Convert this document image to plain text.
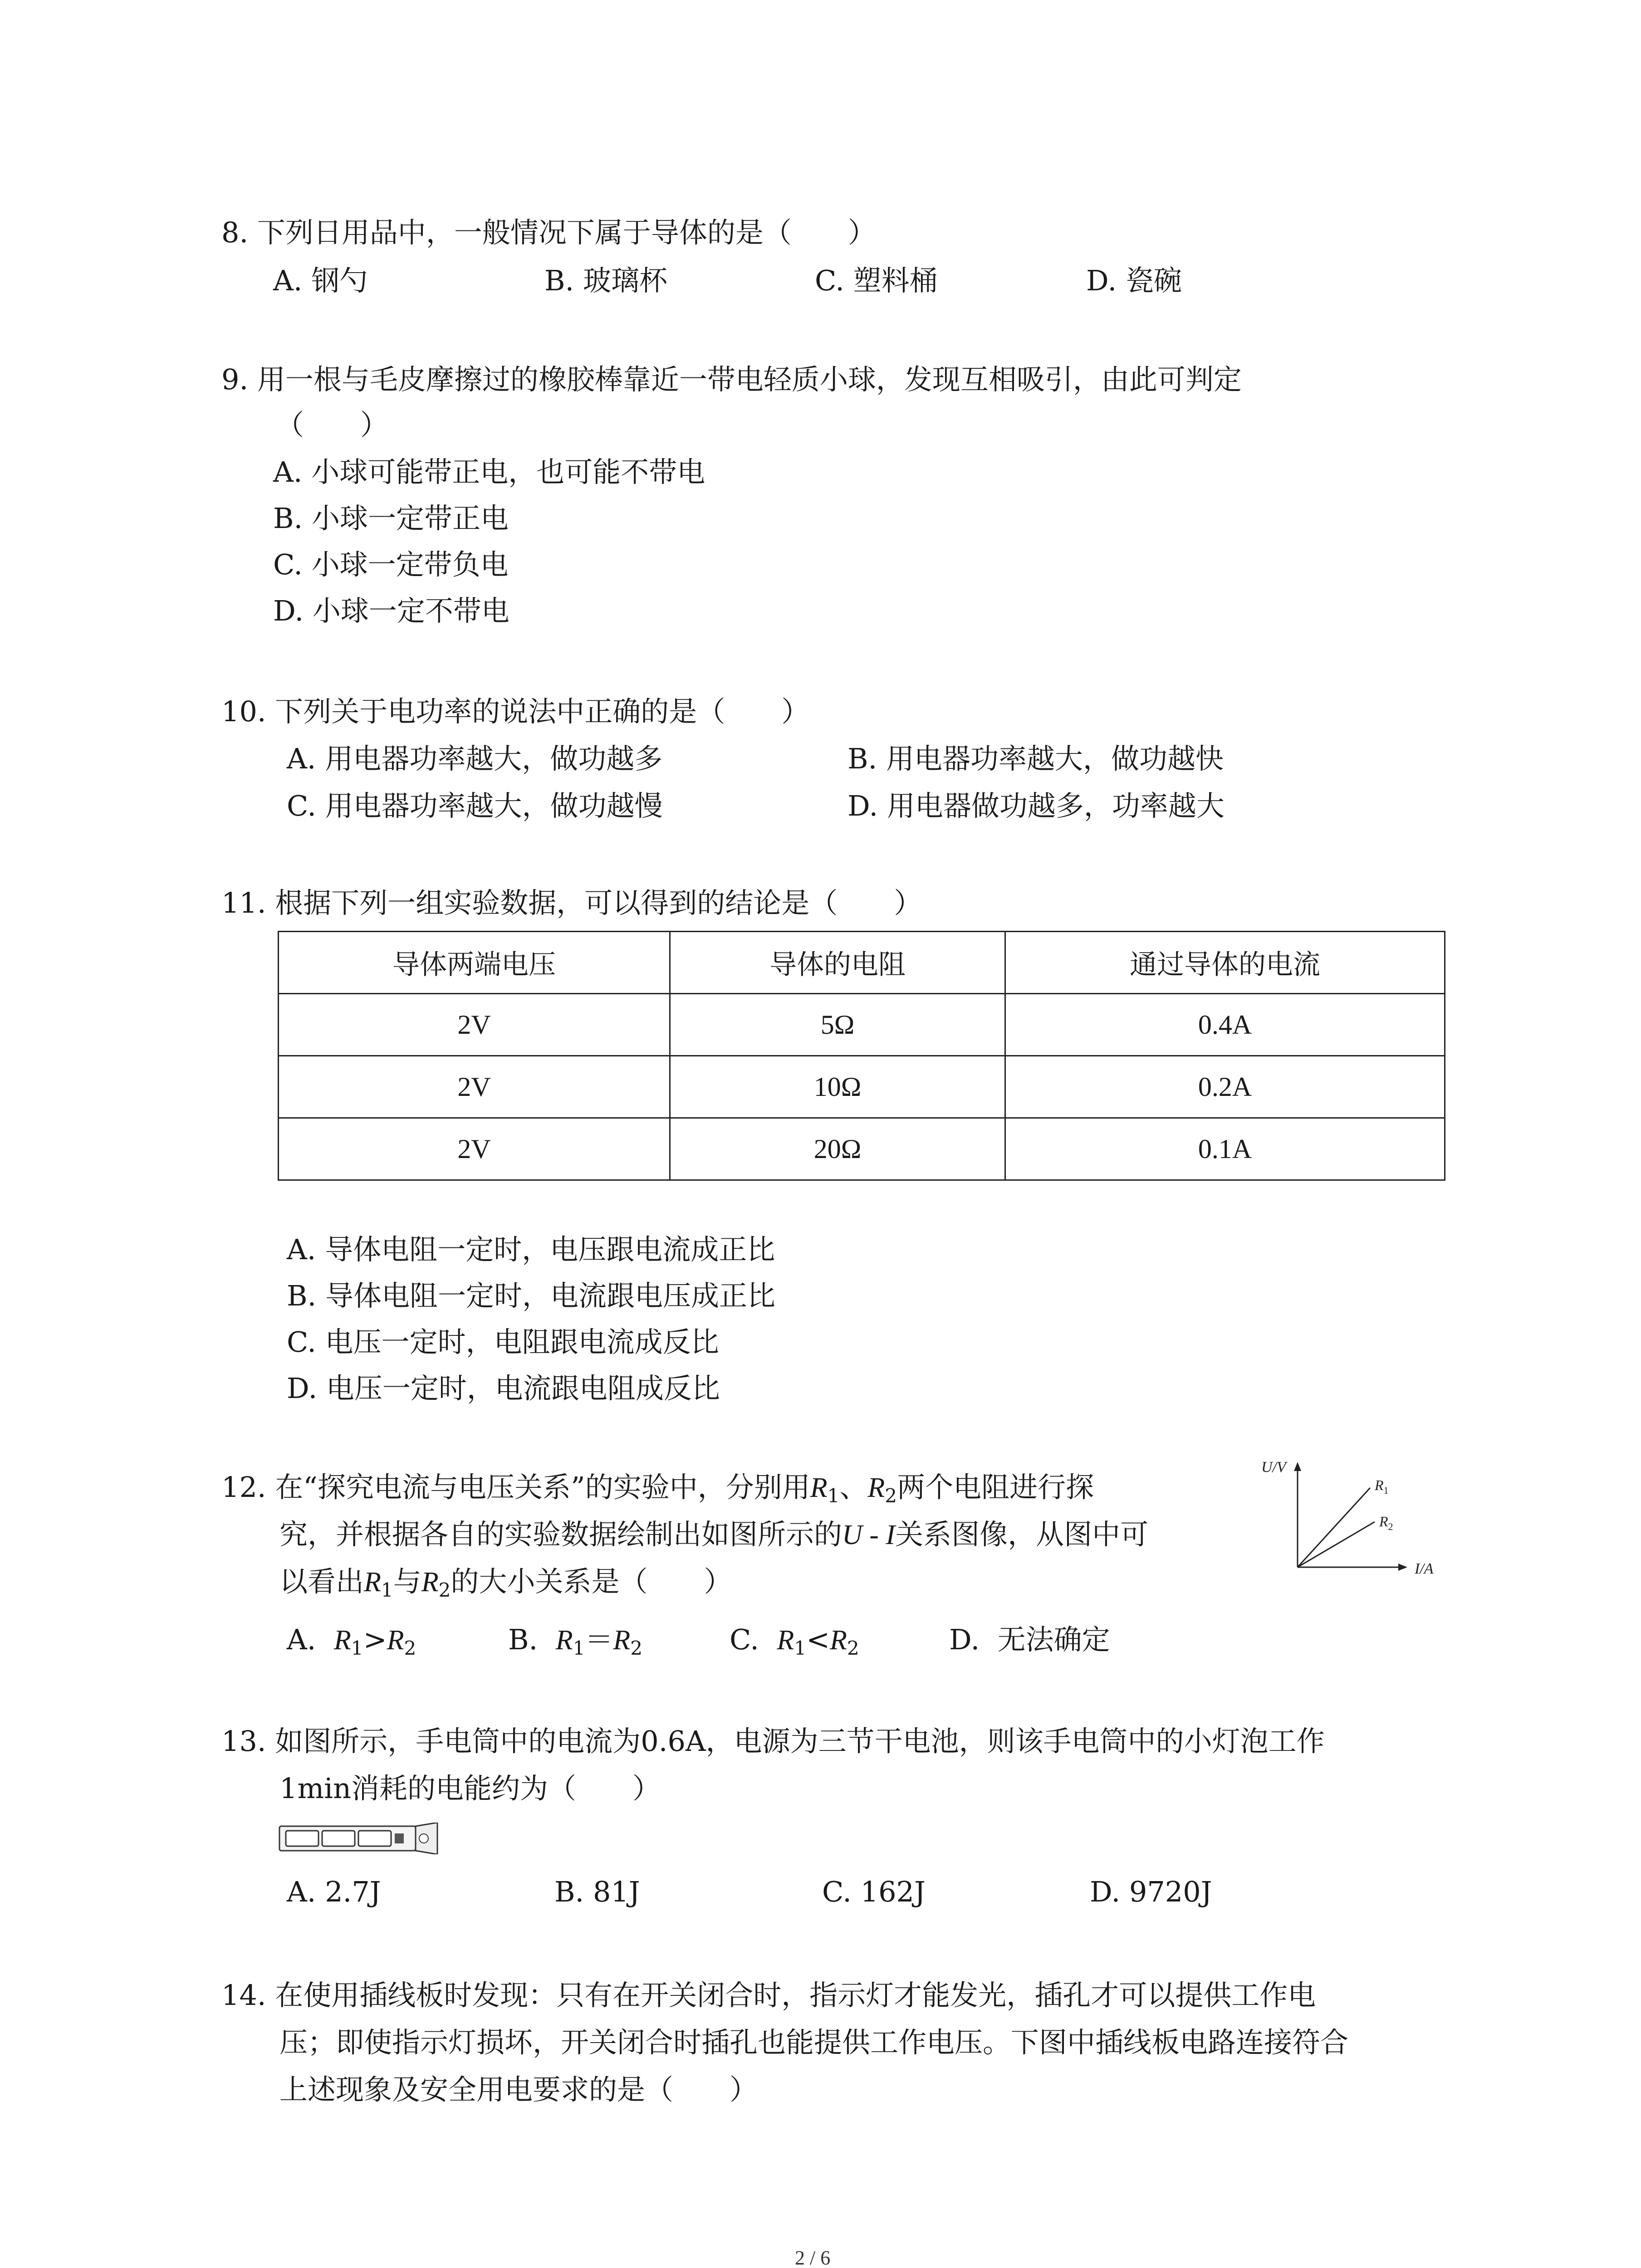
8. 下列日用品中，一般情况下属于导体的是（　　）
A. 钢勺	B. 玻璃杯	C. 塑料桶	D. 瓷碗
9. 用一根与毛皮摩擦过的橡胶棒靠近一带电轻质小球，发现互相吸引，由此可判定
（　　）
A. 小球可能带正电，也可能不带电
B. 小球一定带正电
C. 小球一定带负电
D. 小球一定不带电
10. 下列关于电功率的说法中正确的是（　　）
A. 用电器功率越大，做功越多	B. 用电器功率越大，做功越快
C. 用电器功率越大，做功越慢	D. 用电器做功越多，功率越大
11. 根据下列一组实验数据，可以得到的结论是（　　）
导体两端电压	导体的电阻	通过导体的电流
2V	5Ω	0.4A
2V	10Ω	0.2A
2V	20Ω	0.1A
A. 导体电阻一定时，电压跟电流成正比
B. 导体电阻一定时，电流跟电压成正比
C. 电压一定时，电阻跟电流成反比
D. 电压一定时，电流跟电阻成反比
12. 在“探究电流与电压关系”的实验中，分别用$R_1$、$R_2$两个电阻进行探
究，并根据各自的实验数据绘制出如图所示的U - I关系图像，从图中可
以看出$R_1$与$R_2$的大小关系是（　　）
U/V
I/A
$R_1$
$R_2$
A. $R_1>R_2$	B. $R_1=R_2$	C. $R_1<R_2$	D. 无法确定
13. 如图所示，手电筒中的电流为0.6A，电源为三节干电池，则该手电筒中的小灯泡工作
1min消耗的电能约为（　　）
A. 2.7J	B. 81J	C. 162J	D. 9720J
14. 在使用插线板时发现：只有在开关闭合时，指示灯才能发光，插孔才可以提供工作电
压；即使指示灯损坏，开关闭合时插孔也能提供工作电压。下图中插线板电路连接符合
上述现象及安全用电要求的是（　　）
2 / 6
